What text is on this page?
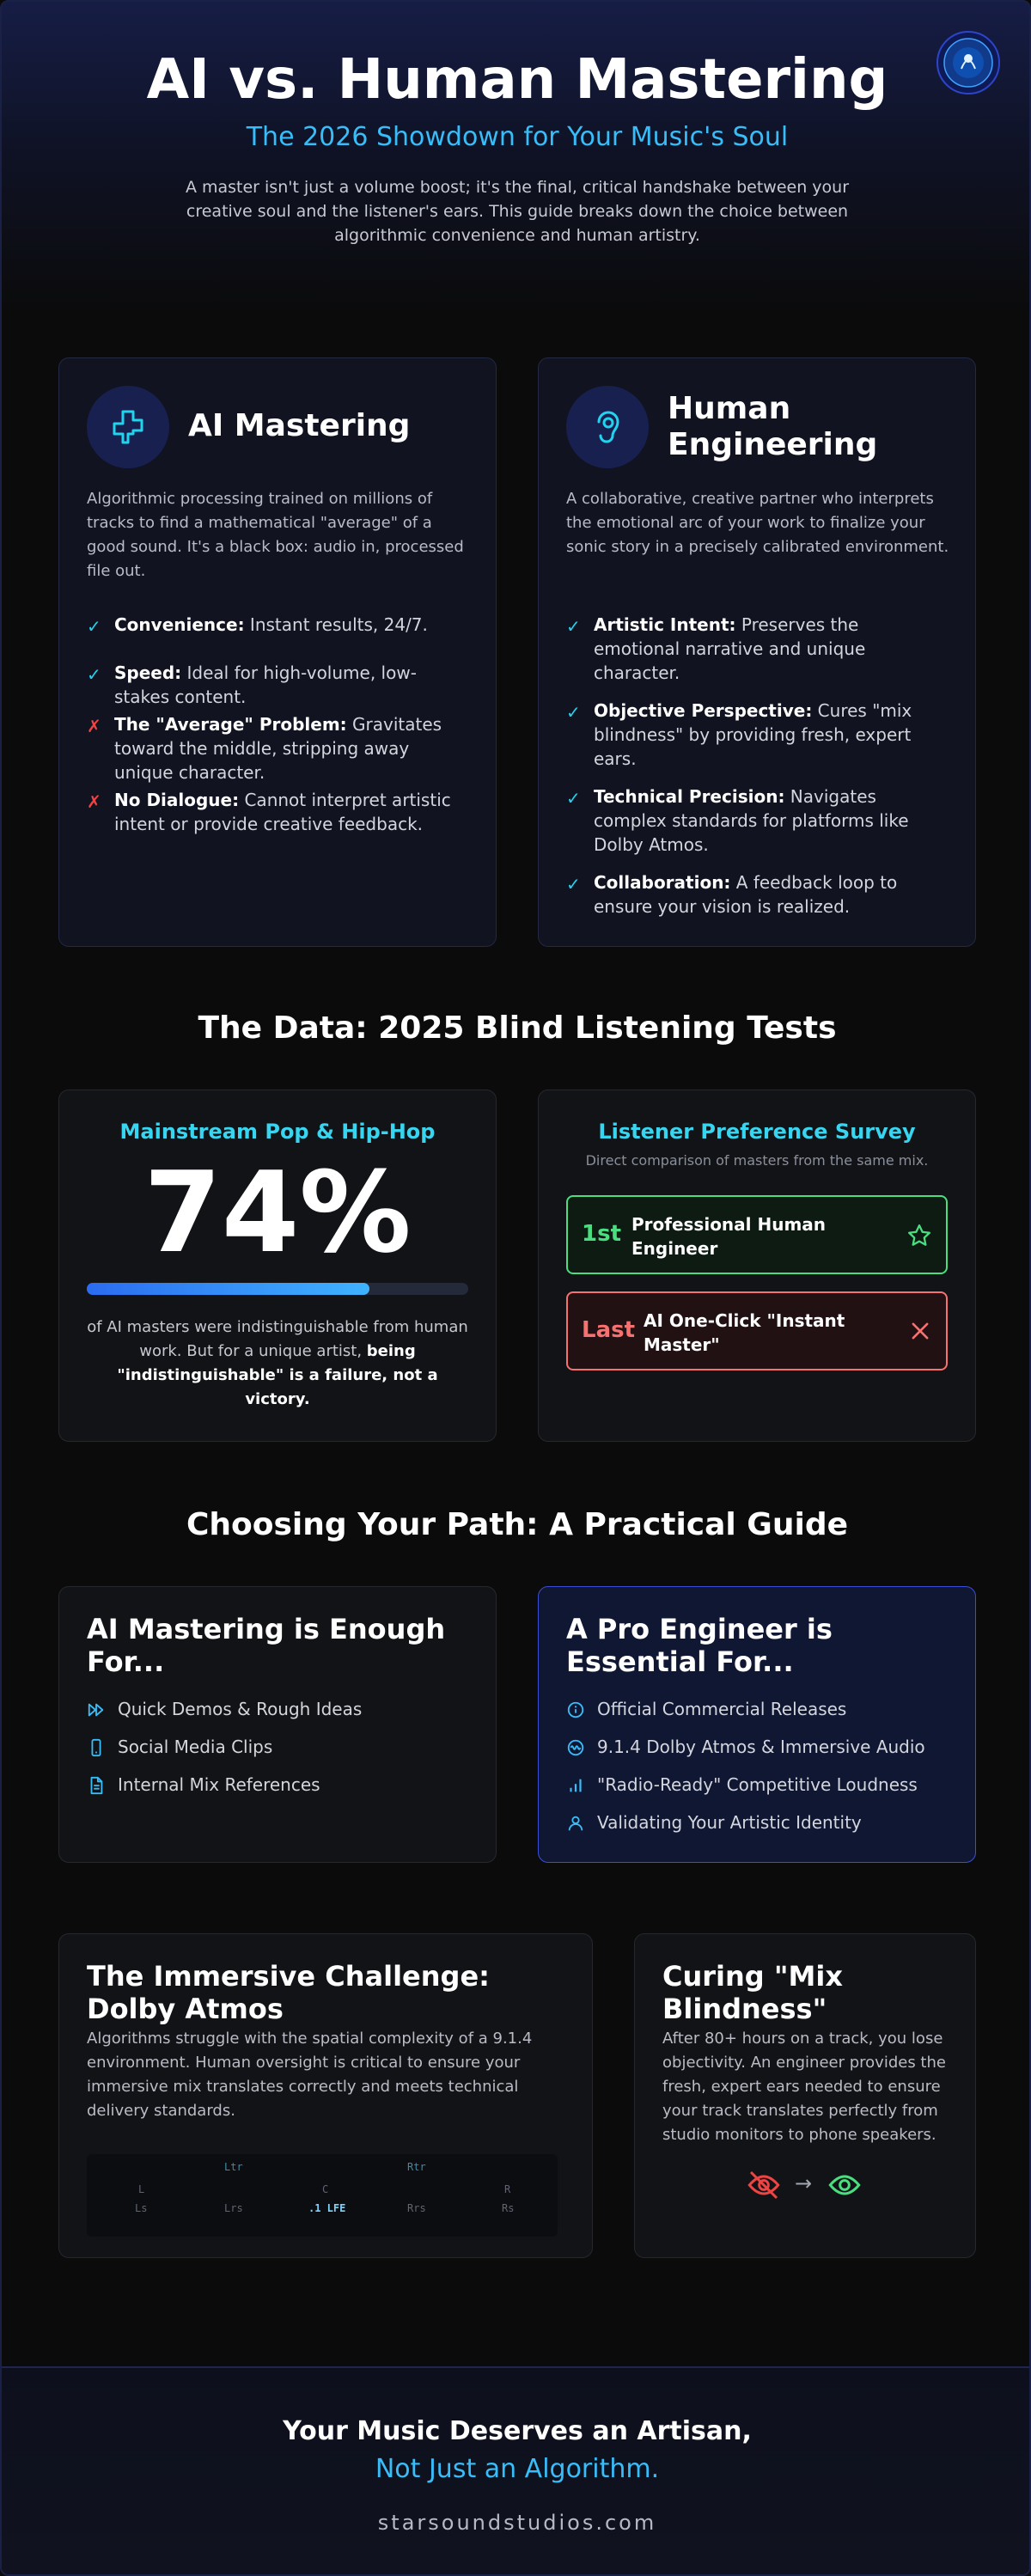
AI vs. Human Mastering
The 2026 Showdown for Your Music's Soul
A master isn't just a volume boost; it's the final, critical handshake between your creative soul and the listener's ears. This guide breaks down the choice between algorithmic convenience and human artistry.
AI Mastering
Algorithmic processing trained on millions of tracks to find a mathematical "average" of a good sound. It's a black box: audio in, processed file out.
✓ Convenience: Instant results, 24/7.
✓ Speed: Ideal for high-volume, low-stakes content.
✗ The "Average" Problem: Gravitates toward the middle, stripping away unique character.
✗ No Dialogue: Cannot interpret artistic intent or provide creative feedback.
Human Engineering
A collaborative, creative partner who interprets the emotional arc of your work to finalize your sonic story in a precisely calibrated environment.
✓ Artistic Intent: Preserves the emotional narrative and unique character.
✓ Objective Perspective: Cures "mix blindness" by providing fresh, expert ears.
✓ Technical Precision: Navigates complex standards for platforms like Dolby Atmos.
✓ Collaboration: A feedback loop to ensure your vision is realized.
The Data: 2025 Blind Listening Tests
Mainstream Pop & Hip-Hop
74%
of AI masters were indistinguishable from human work. But for a unique artist, being "indistinguishable" is a failure, not a victory.
Listener Preference Survey
Direct comparison of masters from the same mix.
1st Professional Human Engineer
Last AI One-Click "Instant Master"
Choosing Your Path: A Practical Guide
AI Mastering is Enough For...
Quick Demos & Rough Ideas
Social Media Clips
Internal Mix References
A Pro Engineer is Essential For...
Official Commercial Releases
9.1.4 Dolby Atmos & Immersive Audio
"Radio-Ready" Competitive Loudness
Validating Your Artistic Identity
The Immersive Challenge: Dolby Atmos
Algorithms struggle with the spatial complexity of a 9.1.4 environment. Human oversight is critical to ensure your immersive mix translates correctly and meets technical delivery standards.
Ltr	Rtr
L	C	R
Ls	Lrs	.1 LFE	Rrs	Rs
Curing "Mix Blindness"
After 80+ hours on a track, you lose objectivity. An engineer provides the fresh, expert ears needed to ensure your track translates perfectly from studio monitors to phone speakers.
→
Your Music Deserves an Artisan,
Not Just an Algorithm.
starsoundstudios.com
